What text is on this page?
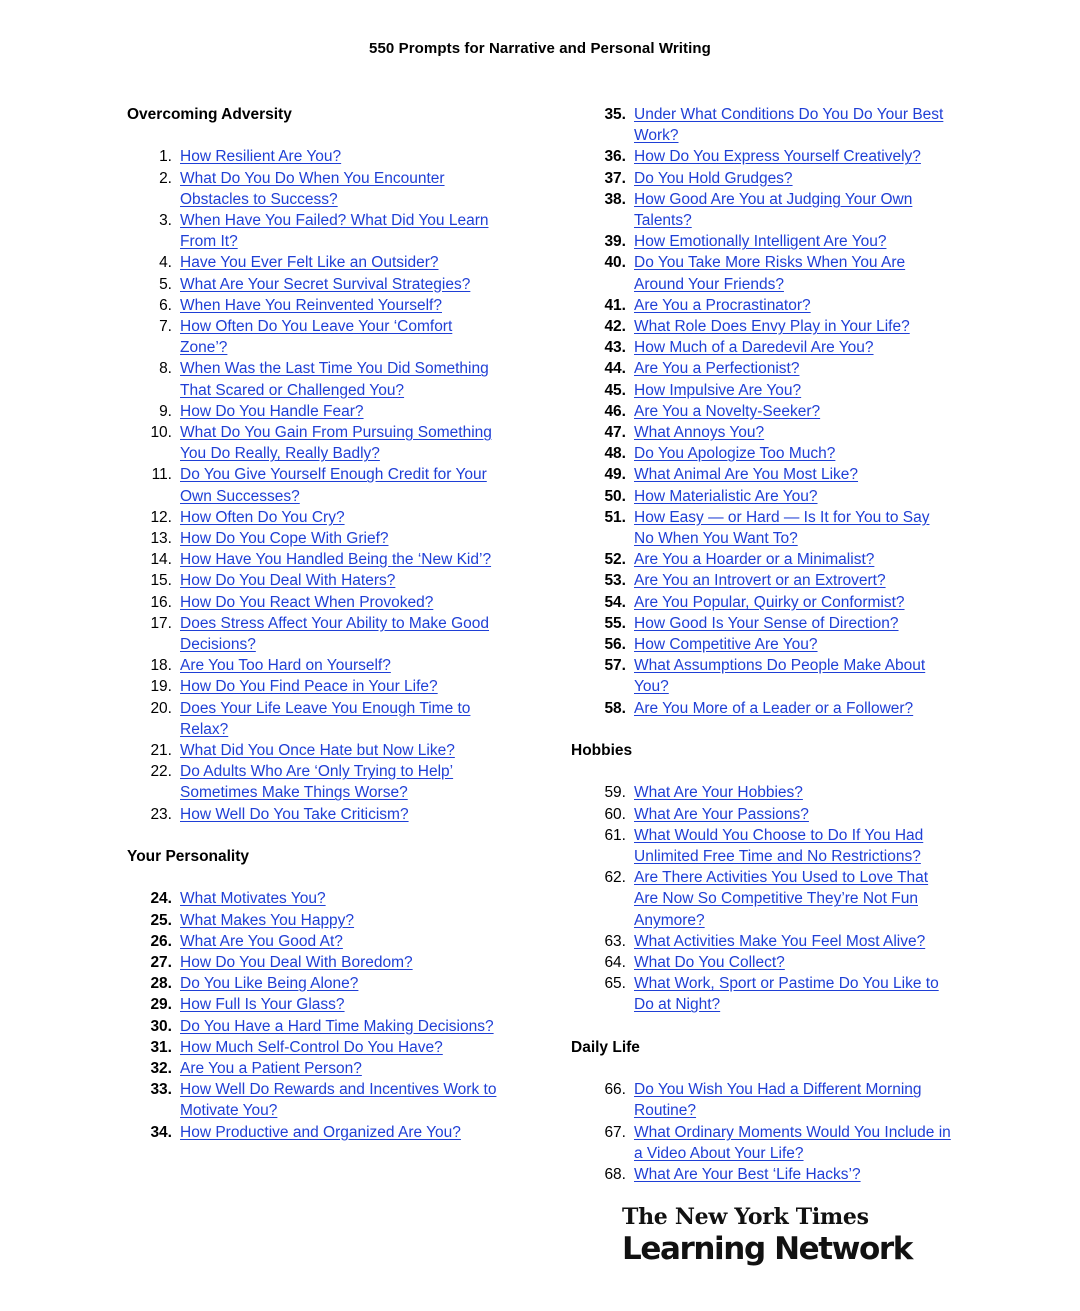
550 Prompts for Narrative and Personal Writing
Overcoming Adversity
1. How Resilient Are You?
2. What Do You Do When You Encounter Obstacles to Success?
3. When Have You Failed? What Did You Learn From It?
4. Have You Ever Felt Like an Outsider?
5. What Are Your Secret Survival Strategies?
6. When Have You Reinvented Yourself?
7. How Often Do You Leave Your ‘Comfort Zone’?
8. When Was the Last Time You Did Something That Scared or Challenged You?
9. How Do You Handle Fear?
10. What Do You Gain From Pursuing Something You Do Really, Really Badly?
11. Do You Give Yourself Enough Credit for Your Own Successes?
12. How Often Do You Cry?
13. How Do You Cope With Grief?
14. How Have You Handled Being the ‘New Kid’?
15. How Do You Deal With Haters?
16. How Do You React When Provoked?
17. Does Stress Affect Your Ability to Make Good Decisions?
18. Are You Too Hard on Yourself?
19. How Do You Find Peace in Your Life?
20. Does Your Life Leave You Enough Time to Relax?
21. What Did You Once Hate but Now Like?
22. Do Adults Who Are ‘Only Trying to Help’ Sometimes Make Things Worse?
23. How Well Do You Take Criticism?
Your Personality
24. What Motivates You?
25. What Makes You Happy?
26. What Are You Good At?
27. How Do You Deal With Boredom?
28. Do You Like Being Alone?
29. How Full Is Your Glass?
30. Do You Have a Hard Time Making Decisions?
31. How Much Self-Control Do You Have?
32. Are You a Patient Person?
33. How Well Do Rewards and Incentives Work to Motivate You?
34. How Productive and Organized Are You?
35. Under What Conditions Do You Do Your Best Work?
36. How Do You Express Yourself Creatively?
37. Do You Hold Grudges?
38. How Good Are You at Judging Your Own Talents?
39. How Emotionally Intelligent Are You?
40. Do You Take More Risks When You Are Around Your Friends?
41. Are You a Procrastinator?
42. What Role Does Envy Play in Your Life?
43. How Much of a Daredevil Are You?
44. Are You a Perfectionist?
45. How Impulsive Are You?
46. Are You a Novelty-Seeker?
47. What Annoys You?
48. Do You Apologize Too Much?
49. What Animal Are You Most Like?
50. How Materialistic Are You?
51. How Easy — or Hard — Is It for You to Say No When You Want To?
52. Are You a Hoarder or a Minimalist?
53. Are You an Introvert or an Extrovert?
54. Are You Popular, Quirky or Conformist?
55. How Good Is Your Sense of Direction?
56. How Competitive Are You?
57. What Assumptions Do People Make About You?
58. Are You More of a Leader or a Follower?
Hobbies
59. What Are Your Hobbies?
60. What Are Your Passions?
61. What Would You Choose to Do If You Had Unlimited Free Time and No Restrictions?
62. Are There Activities You Used to Love That Are Now So Competitive They’re Not Fun Anymore?
63. What Activities Make You Feel Most Alive?
64. What Do You Collect?
65. What Work, Sport or Pastime Do You Like to Do at Night?
Daily Life
66. Do You Wish You Had a Different Morning Routine?
67. What Ordinary Moments Would You Include in a Video About Your Life?
68. What Are Your Best ‘Life Hacks’?
The New York Times
Learning Network
